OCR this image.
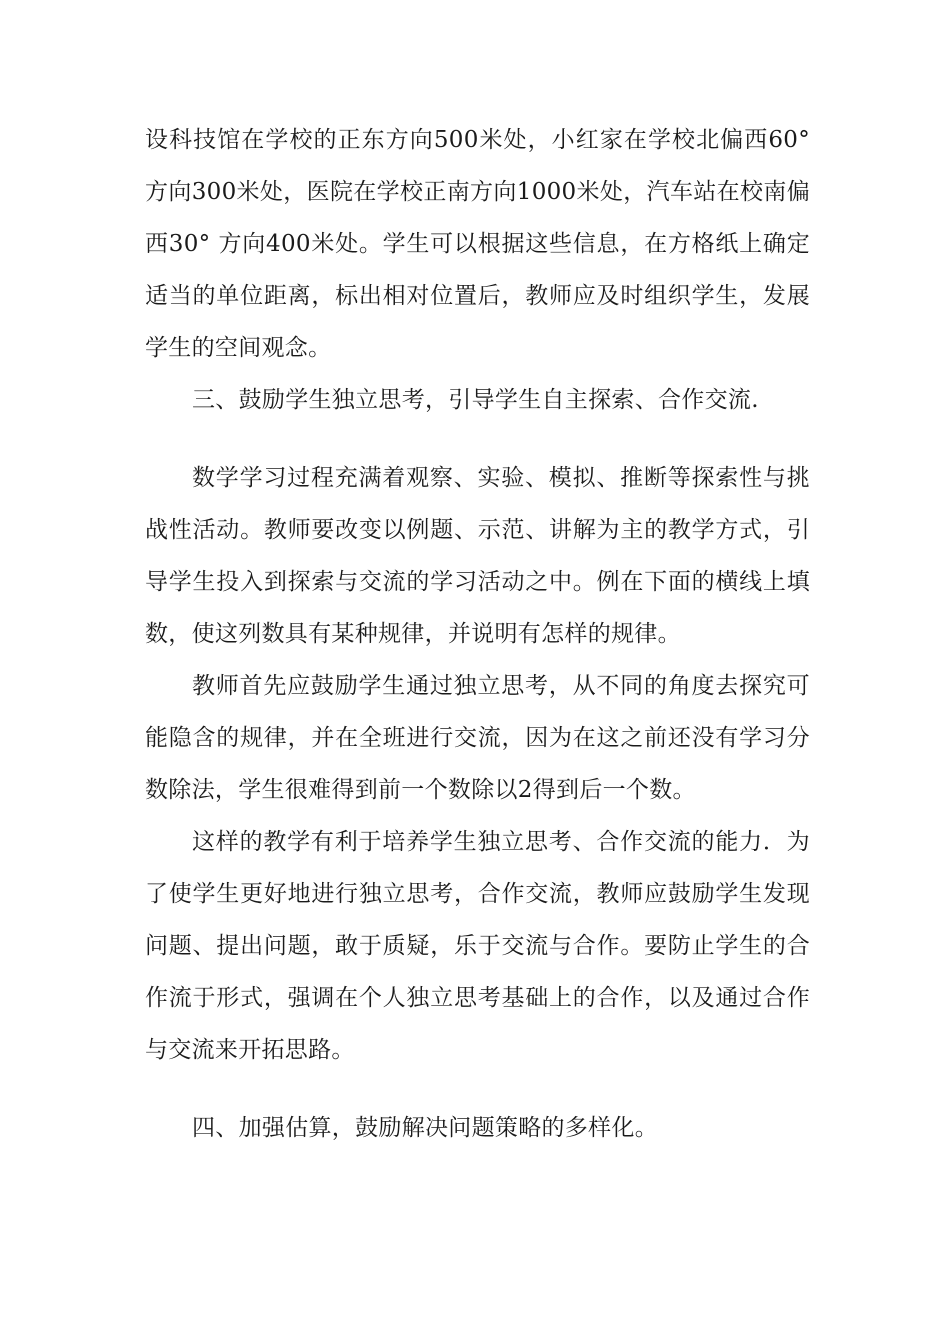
设科技馆在学校的正东方向500米处，小红家在学校北偏西60°方向300米处，医院在学校正南方向1000米处，汽车站在校南偏西30° 方向400米处。学生可以根据这些信息，在方格纸上确定适当的单位距离，标出相对位置后，教师应及时组织学生，发展学生的空间观念。

三、鼓励学生独立思考，引导学生自主探索、合作交流.

数学学习过程充满着观察、实验、模拟、推断等探索性与挑战性活动。教师要改变以例题、示范、讲解为主的教学方式，引导学生投入到探索与交流的学习活动之中。例在下面的横线上填数，使这列数具有某种规律，并说明有怎样的规律。

教师首先应鼓励学生通过独立思考，从不同的角度去探究可能隐含的规律，并在全班进行交流，因为在这之前还没有学习分数除法，学生很难得到前一个数除以2得到后一个数。

这样的教学有利于培养学生独立思考、合作交流的能力．为了使学生更好地进行独立思考，合作交流，教师应鼓励学生发现问题、提出问题，敢于质疑，乐于交流与合作。要防止学生的合作流于形式，强调在个人独立思考基础上的合作，以及通过合作与交流来开拓思路。

四、加强估算，鼓励解决问题策略的多样化。
